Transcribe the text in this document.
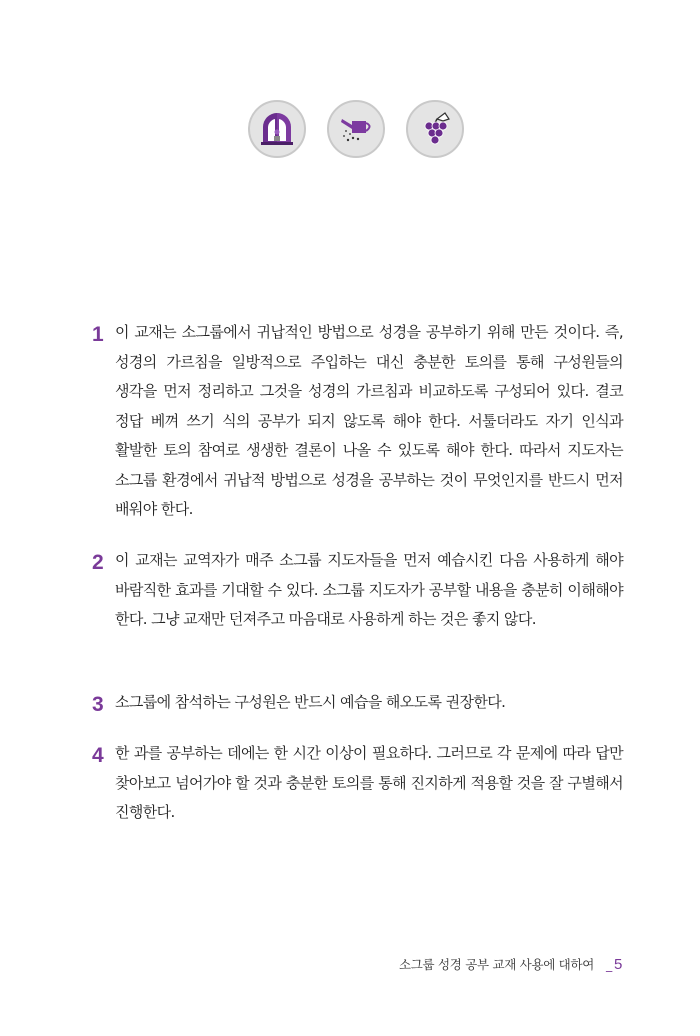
1 이 교재는 소그룹에서 귀납적인 방법으로 성경을 공부하기 위해 만든 것이다. 즉, 성경의 가르침을 일방적으로 주입하는 대신 충분한 토의를 통해 구성원들의 생각을 먼저 정리하고 그것을 성경의 가르침과 비교하도록 구성되어 있다. 결코 정답 베껴 쓰기 식의 공부가 되지 않도록 해야 한다. 서툴더라도 자기 인식과 활발한 토의 참여로 생생한 결론이 나올 수 있도록 해야 한다. 따라서 지도자는 소그룹 환경에서 귀납적 방법으로 성경을 공부하는 것이 무엇인지를 반드시 먼저 배워야 한다.
2 이 교재는 교역자가 매주 소그룹 지도자들을 먼저 예습시킨 다음 사용하게 해야 바람직한 효과를 기대할 수 있다. 소그룹 지도자가 공부할 내용을 충분히 이해해야 한다. 그냥 교재만 던져주고 마음대로 사용하게 하는 것은 좋지 않다.
3 소그룹에 참석하는 구성원은 반드시 예습을 해오도록 권장한다.
4 한 과를 공부하는 데에는 한 시간 이상이 필요하다. 그러므로 각 문제에 따라 답만 찾아보고 넘어가야 할 것과 충분한 토의를 통해 진지하게 적용할 것을 잘 구별해서 진행한다.
소그룹 성경 공부 교재 사용에 대하여 _ 5
